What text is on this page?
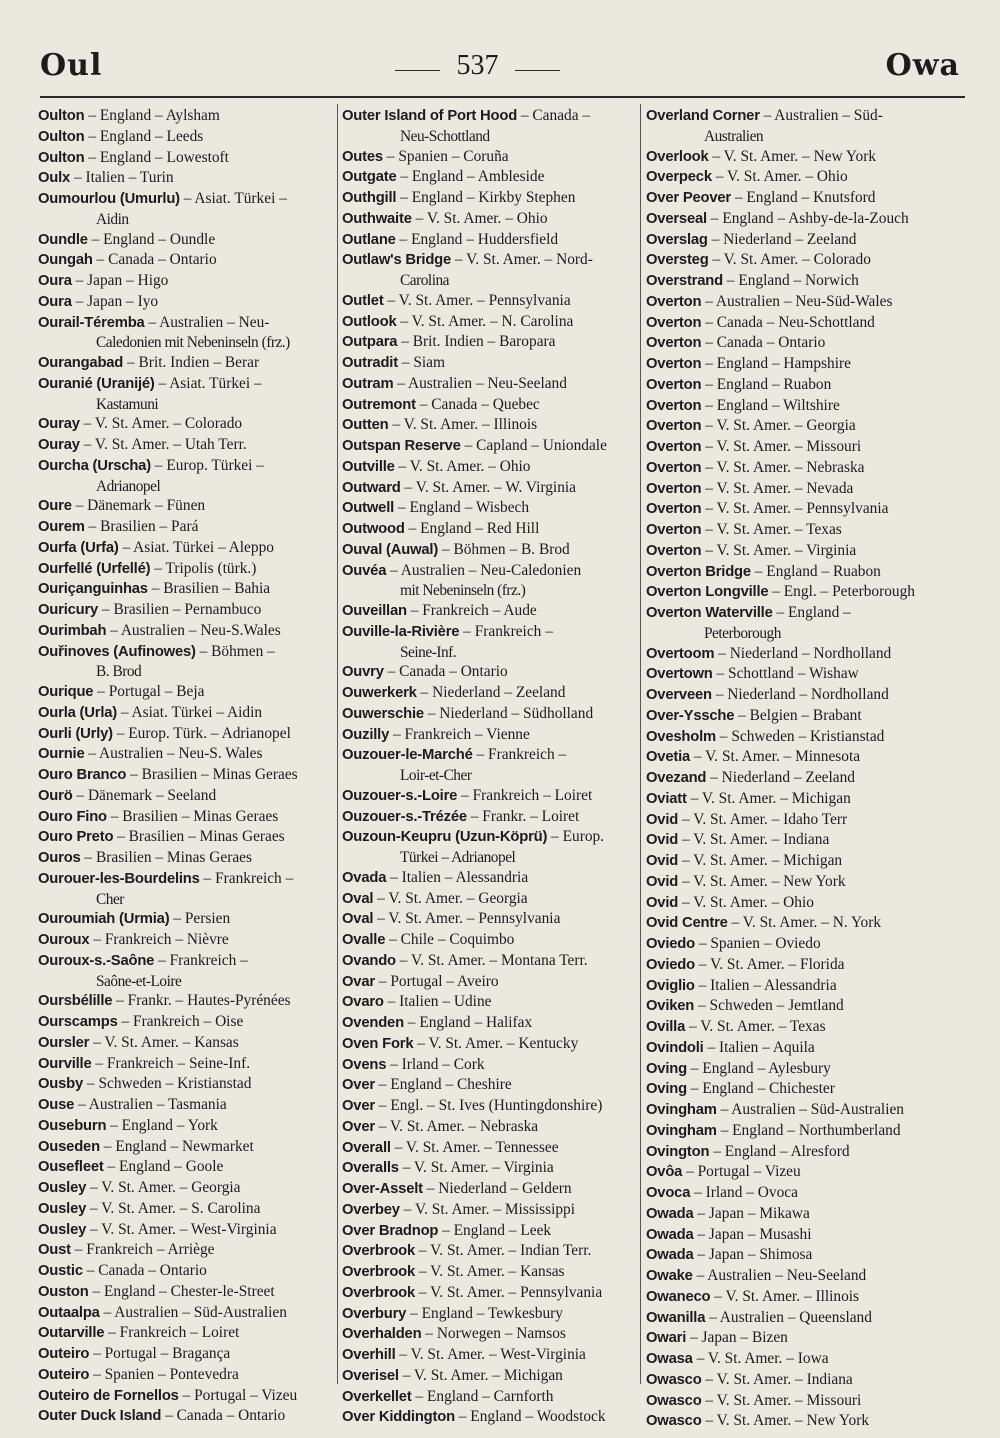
Oul	537	Owa
Oulton – England – Aylsham
Oulton – England – Leeds
Oulton – England – Lowestoft
Oulx – Italien – Turin
Oumourlou (Umurlu) – Asiat. Türkei –
Aidin
Oundle – England – Oundle
Oungah – Canada – Ontario
Oura – Japan – Higo
Oura – Japan – Iyo
Ourail-Téremba – Australien – Neu-
Caledonien mit Nebeninseln (frz.)
Ourangabad – Brit. Indien – Berar
Ouranié (Uranijé) – Asiat. Türkei –
Kastamuni
Ouray – V. St. Amer. – Colorado
Ouray – V. St. Amer. – Utah Terr.
Ourcha (Urscha) – Europ. Türkei –
Adrianopel
Oure – Dänemark – Fünen
Ourem – Brasilien – Pará
Ourfa (Urfa) – Asiat. Türkei – Aleppo
Ourfellé (Urfellé) – Tripolis (türk.)
Ouriçanguinhas – Brasilien – Bahia
Ouricury – Brasilien – Pernambuco
Ourimbah – Australien – Neu-S.Wales
Ouřinoves (Aufinowes) – Böhmen –
B. Brod
Ourique – Portugal – Beja
Ourla (Urla) – Asiat. Türkei – Aidin
Ourli (Urly) – Europ. Türk. – Adrianopel
Ournie – Australien – Neu-S. Wales
Ouro Branco – Brasilien – Minas Geraes
Ourö – Dänemark – Seeland
Ouro Fino – Brasilien – Minas Geraes
Ouro Preto – Brasilien – Minas Geraes
Ouros – Brasilien – Minas Geraes
Ourouer-les-Bourdelins – Frankreich –
Cher
Ouroumiah (Urmia) – Persien
Ouroux – Frankreich – Nièvre
Ouroux-s.-Saône – Frankreich –
Saône-et-Loire
Oursbélille – Frankr. – Hautes-Pyrénées
Ourscamps – Frankreich – Oise
Oursler – V. St. Amer. – Kansas
Ourville – Frankreich – Seine-Inf.
Ousby – Schweden – Kristianstad
Ouse – Australien – Tasmania
Ouseburn – England – York
Ouseden – England – Newmarket
Ousefleet – England – Goole
Ousley – V. St. Amer. – Georgia
Ousley – V. St. Amer. – S. Carolina
Ousley – V. St. Amer. – West-Virginia
Oust – Frankreich – Arriège
Oustic – Canada – Ontario
Ouston – England – Chester-le-Street
Outaalpa – Australien – Süd-Australien
Outarville – Frankreich – Loiret
Outeiro – Portugal – Bragança
Outeiro – Spanien – Pontevedra
Outeiro de Fornellos – Portugal – Vizeu
Outer Duck Island – Canada – Ontario
Outer Island of Port Hood – Canada –
Neu-Schottland
Outes – Spanien – Coruña
Outgate – England – Ambleside
Outhgill – England – Kirkby Stephen
Outhwaite – V. St. Amer. – Ohio
Outlane – England – Huddersfield
Outlaw's Bridge – V. St. Amer. – Nord-
Carolina
Outlet – V. St. Amer. – Pennsylvania
Outlook – V. St. Amer. – N. Carolina
Outpara – Brit. Indien – Baropara
Outradit – Siam
Outram – Australien – Neu-Seeland
Outremont – Canada – Quebec
Outten – V. St. Amer. – Illinois
Outspan Reserve – Capland – Uniondale
Outville – V. St. Amer. – Ohio
Outward – V. St. Amer. – W. Virginia
Outwell – England – Wisbech
Outwood – England – Red Hill
Ouval (Auwal) – Böhmen – B. Brod
Ouvéa – Australien – Neu-Caledonien
mit Nebeninseln (frz.)
Ouveillan – Frankreich – Aude
Ouville-la-Rivière – Frankreich –
Seine-Inf.
Ouvry – Canada – Ontario
Ouwerkerk – Niederland – Zeeland
Ouwerschie – Niederland – Südholland
Ouzilly – Frankreich – Vienne
Ouzouer-le-Marché – Frankreich –
Loir-et-Cher
Ouzouer-s.-Loire – Frankreich – Loiret
Ouzouer-s.-Trézée – Frankr. – Loiret
Ouzoun-Keupru (Uzun-Köprü) – Europ.
Türkei – Adrianopel
Ovada – Italien – Alessandria
Oval – V. St. Amer. – Georgia
Oval – V. St. Amer. – Pennsylvania
Ovalle – Chile – Coquimbo
Ovando – V. St. Amer. – Montana Terr.
Ovar – Portugal – Aveiro
Ovaro – Italien – Udine
Ovenden – England – Halifax
Oven Fork – V. St. Amer. – Kentucky
Ovens – Irland – Cork
Over – England – Cheshire
Over – Engl. – St. Ives (Huntingdonshire)
Over – V. St. Amer. – Nebraska
Overall – V. St. Amer. – Tennessee
Overalls – V. St. Amer. – Virginia
Over-Asselt – Niederland – Geldern
Overbey – V. St. Amer. – Mississippi
Over Bradnop – England – Leek
Overbrook – V. St. Amer. – Indian Terr.
Overbrook – V. St. Amer. – Kansas
Overbrook – V. St. Amer. – Pennsylvania
Overbury – England – Tewkesbury
Overhalden – Norwegen – Namsos
Overhill – V. St. Amer. – West-Virginia
Overisel – V. St. Amer. – Michigan
Overkellet – England – Carnforth
Over Kiddington – England – Woodstock
Overland Corner – Australien – Süd-
Australien
Overlook – V. St. Amer. – New York
Overpeck – V. St. Amer. – Ohio
Over Peover – England – Knutsford
Overseal – England – Ashby-de-la-Zouch
Overslag – Niederland – Zeeland
Oversteg – V. St. Amer. – Colorado
Overstrand – England – Norwich
Overton – Australien – Neu-Süd-Wales
Overton – Canada – Neu-Schottland
Overton – Canada – Ontario
Overton – England – Hampshire
Overton – England – Ruabon
Overton – England – Wiltshire
Overton – V. St. Amer. – Georgia
Overton – V. St. Amer. – Missouri
Overton – V. St. Amer. – Nebraska
Overton – V. St. Amer. – Nevada
Overton – V. St. Amer. – Pennsylvania
Overton – V. St. Amer. – Texas
Overton – V. St. Amer. – Virginia
Overton Bridge – England – Ruabon
Overton Longville – Engl. – Peterborough
Overton Waterville – England –
Peterborough
Overtoom – Niederland – Nordholland
Overtown – Schottland – Wishaw
Overveen – Niederland – Nordholland
Over-Yssche – Belgien – Brabant
Ovesholm – Schweden – Kristianstad
Ovetia – V. St. Amer. – Minnesota
Ovezand – Niederland – Zeeland
Oviatt – V. St. Amer. – Michigan
Ovid – V. St. Amer. – Idaho Terr
Ovid – V. St. Amer. – Indiana
Ovid – V. St. Amer. – Michigan
Ovid – V. St. Amer. – New York
Ovid – V. St. Amer. – Ohio
Ovid Centre – V. St. Amer. – N. York
Oviedo – Spanien – Oviedo
Oviedo – V. St. Amer. – Florida
Oviglio – Italien – Alessandria
Oviken – Schweden – Jemtland
Ovilla – V. St. Amer. – Texas
Ovindoli – Italien – Aquila
Oving – England – Aylesbury
Oving – England – Chichester
Ovingham – Australien – Süd-Australien
Ovingham – England – Northumberland
Ovington – England – Alresford
Ovôa – Portugal – Vizeu
Ovoca – Irland – Ovoca
Owada – Japan – Mikawa
Owada – Japan – Musashi
Owada – Japan – Shimosa
Owake – Australien – Neu-Seeland
Owaneco – V. St. Amer. – Illinois
Owanilla – Australien – Queensland
Owari – Japan – Bizen
Owasa – V. St. Amer. – Iowa
Owasco – V. St. Amer. – Indiana
Owasco – V. St. Amer. – Missouri
Owasco – V. St. Amer. – New York
